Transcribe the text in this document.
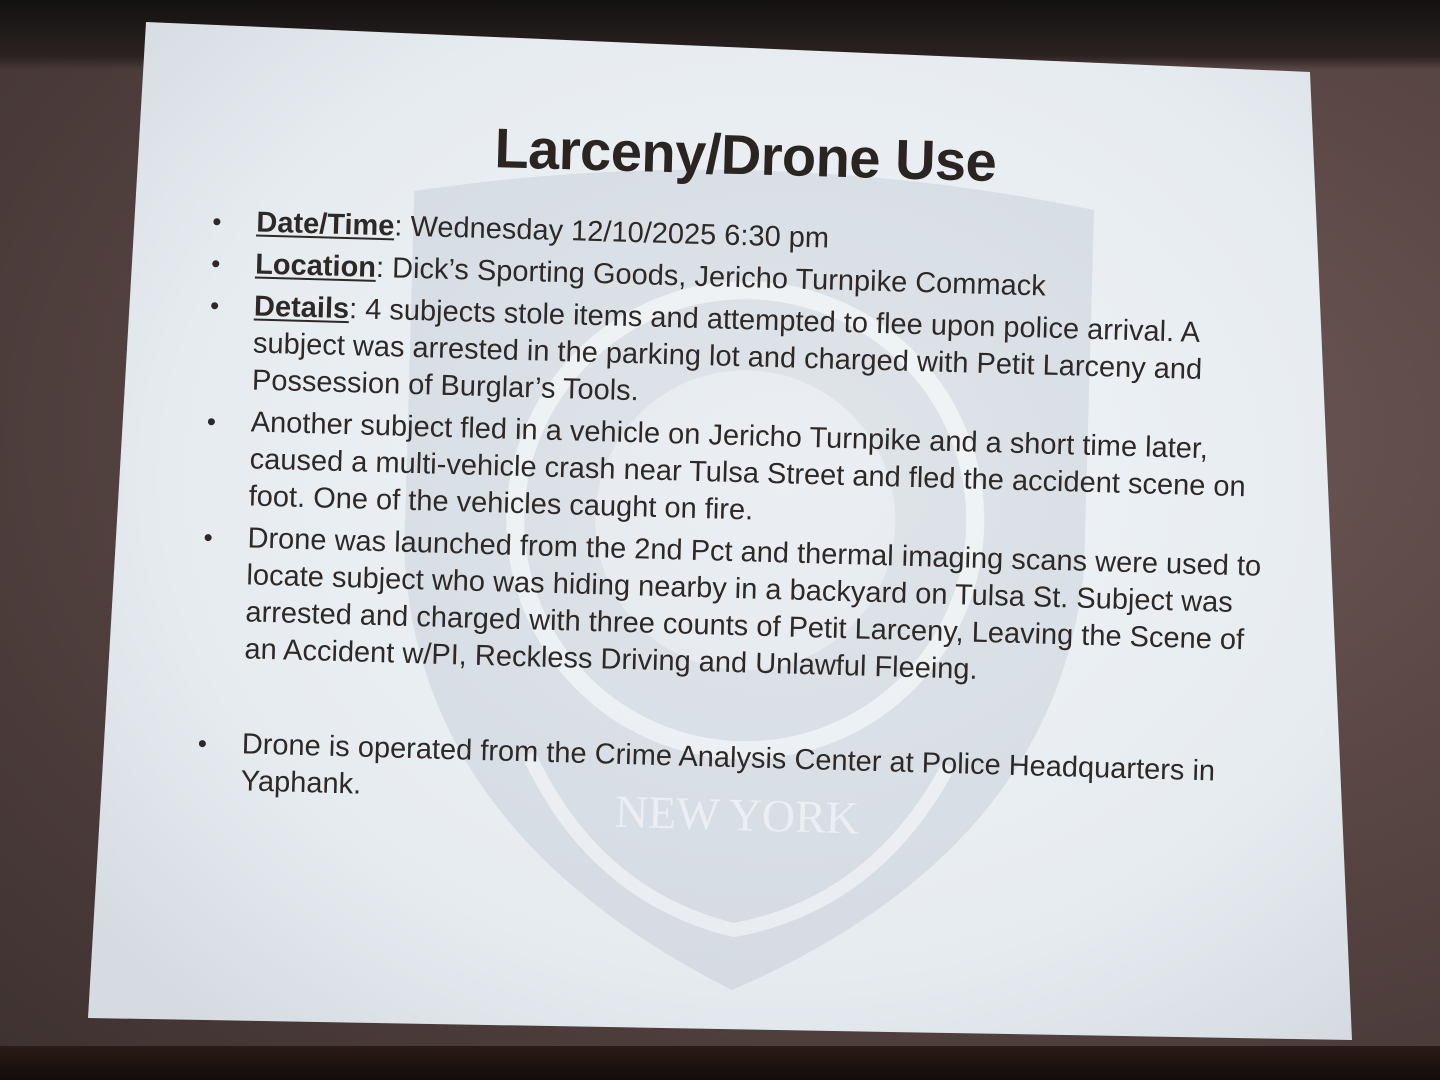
NEW YORK
Larceny/Drone Use
• Date/Time: Wednesday 12/10/2025 6:30 pm
• Location: Dick’s Sporting Goods, Jericho Turnpike Commack
• Details: 4 subjects stole items and attempted to flee upon police arrival. A subject was arrested in the parking lot and charged with Petit Larceny and Possession of Burglar’s Tools.
• Another subject fled in a vehicle on Jericho Turnpike and a short time later, caused a multi-vehicle crash near Tulsa Street and fled the accident scene on foot. One of the vehicles caught on fire.
• Drone was launched from the 2nd Pct and thermal imaging scans were used to locate subject who was hiding nearby in a backyard on Tulsa St. Subject was arrested and charged with three counts of Petit Larceny, Leaving the Scene of an Accident w/PI, Reckless Driving and Unlawful Fleeing.
• Drone is operated from the Crime Analysis Center at Police Headquarters in Yaphank.
